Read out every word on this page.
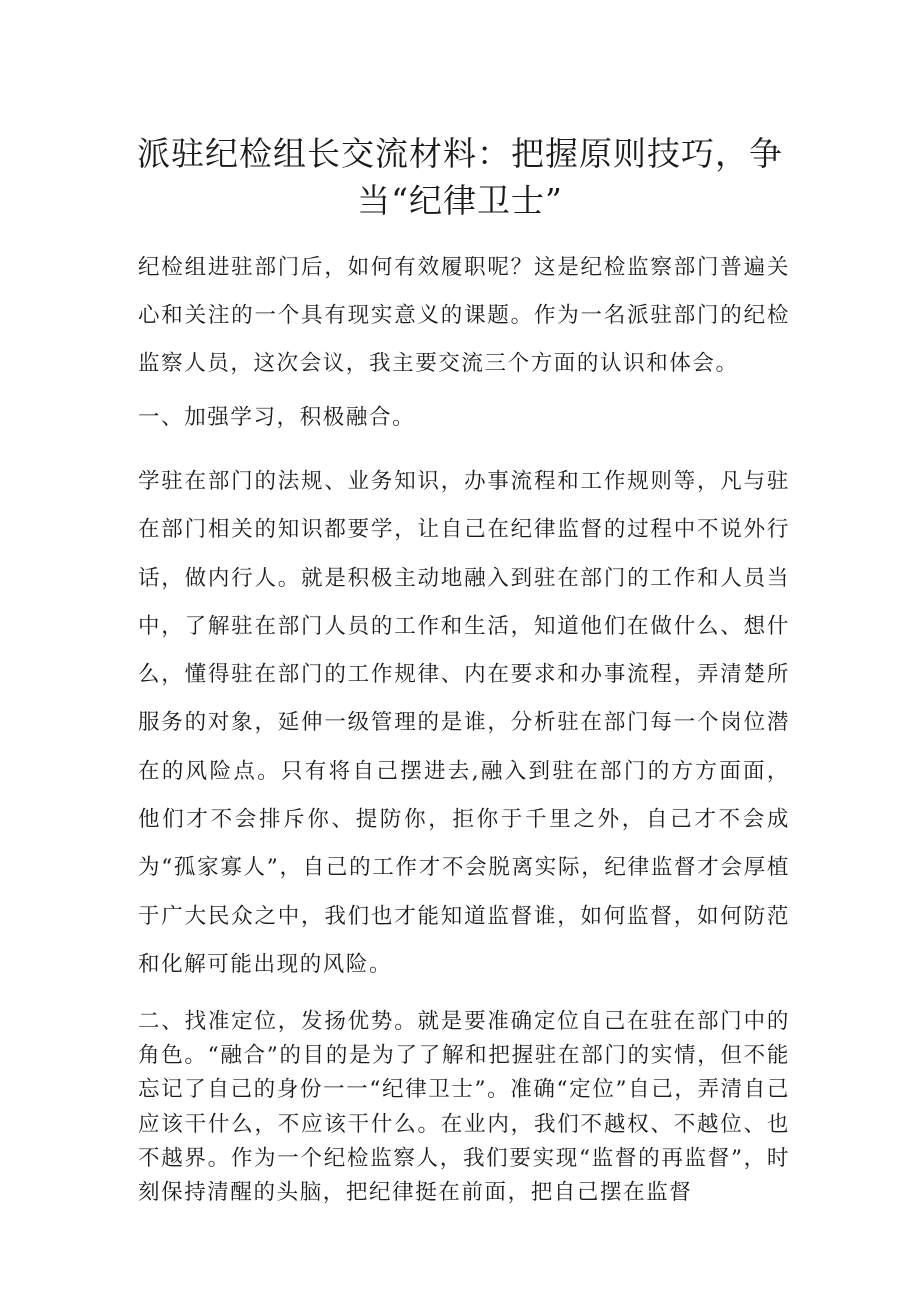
派驻纪检组长交流材料：把握原则技巧，争当“纪律卫士”

纪检组进驻部门后，如何有效履职呢？这是纪检监察部门普遍关心和关注的一个具有现实意义的课题。作为一名派驻部门的纪检监察人员，这次会议，我主要交流三个方面的认识和体会。

一、加强学习，积极融合。

学驻在部门的法规、业务知识，办事流程和工作规则等，凡与驻在部门相关的知识都要学，让自己在纪律监督的过程中不说外行话，做内行人。就是积极主动地融入到驻在部门的工作和人员当中，了解驻在部门人员的工作和生活，知道他们在做什么、想什么，懂得驻在部门的工作规律、内在要求和办事流程，弄清楚所服务的对象，延伸一级管理的是谁，分析驻在部门每一个岗位潜在的风险点。只有将自己摆进去,融入到驻在部门的方方面面，他们才不会排斥你、提防你，拒你于千里之外，自己才不会成为“孤家寡人”，自己的工作才不会脱离实际，纪律监督才会厚植于广大民众之中，我们也才能知道监督谁，如何监督，如何防范和化解可能出现的风险。

二、找准定位，发扬优势。就是要准确定位自己在驻在部门中的角色。“融合”的目的是为了了解和把握驻在部门的实情，但不能忘记了自己的身份一一“纪律卫士”。准确“定位”自己，弄清自己应该干什么，不应该干什么。在业内，我们不越权、不越位、也不越界。作为一个纪检监察人，我们要实现“监督的再监督”，时刻保持清醒的头脑，把纪律挺在前面，把自己摆在监督
